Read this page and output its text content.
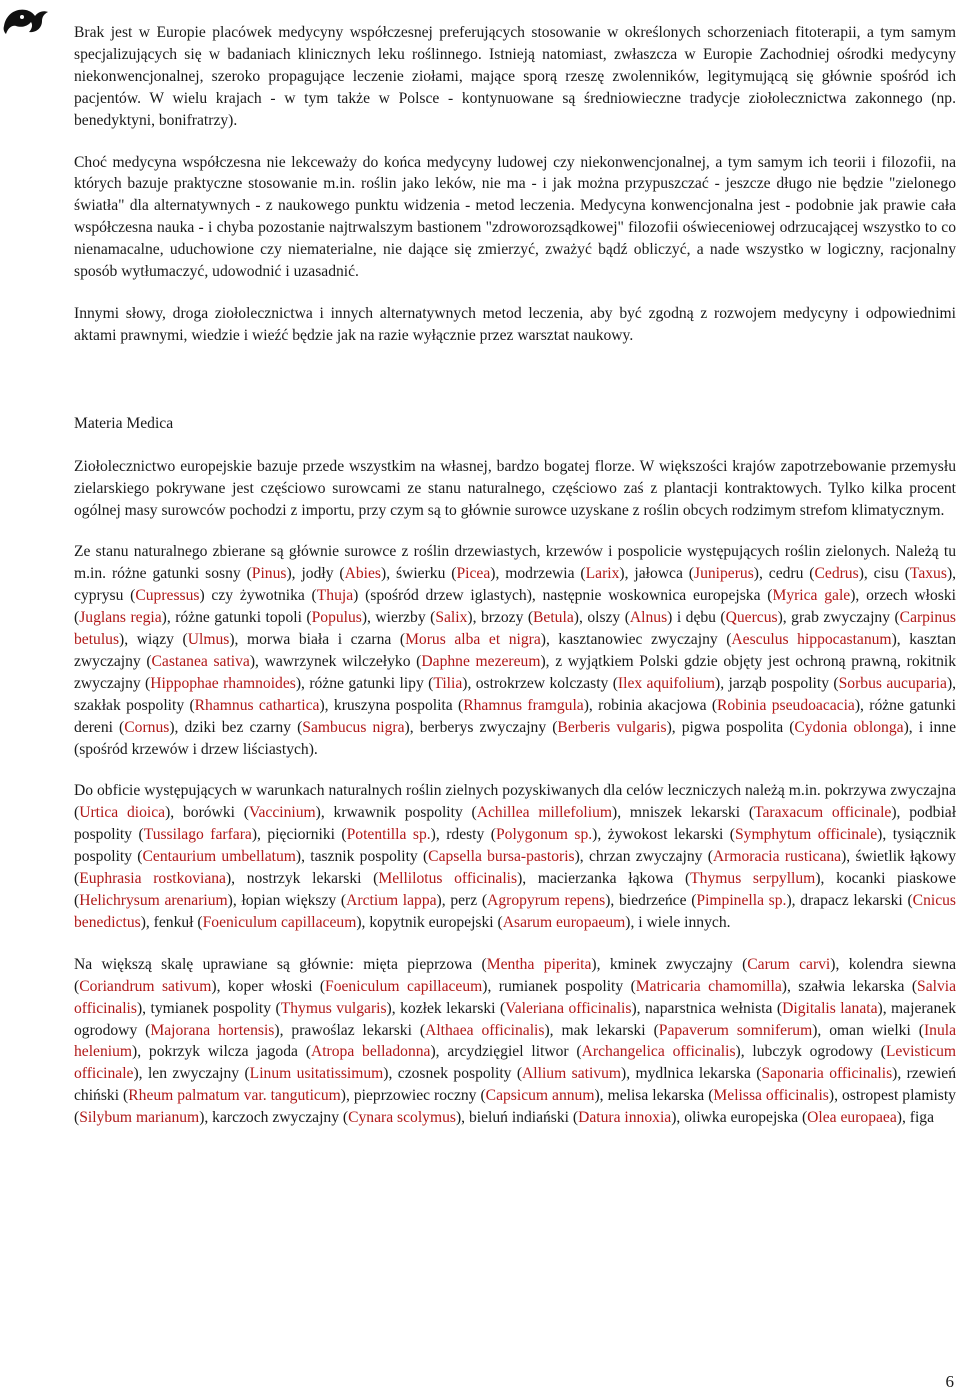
Brak jest w Europie placówek medycyny współczesnej preferujących stosowanie w określonych schorzeniach fitoterapii, a tym samym specjalizujących się w badaniach klinicznych leku roślinnego. Istnieją natomiast, zwłaszcza w Europie Zachodniej ośrodki medycyny niekonwencjonalnej, szeroko propagujące leczenie ziołami, mające sporą rzeszę zwolenników, legitymującą się głównie spośród ich pacjentów. W wielu krajach - w tym także w Polsce - kontynuowane są średniowieczne tradycje ziołolecznictwa zakonnego (np. benedyktyni, bonifratrzy).

Choć medycyna współczesna nie lekceważy do końca medycyny ludowej czy niekonwencjonalnej, a tym samym ich teorii i filozofii, na których bazuje praktyczne stosowanie m.in. roślin jako leków, nie ma - i jak można przypuszczać - jeszcze długo nie będzie "zielonego światła" dla alternatywnych - z naukowego punktu widzenia - metod leczenia. Medycyna konwencjonalna jest - podobnie jak prawie cała współczesna nauka - i chyba pozostanie najtrwalszym bastionem "zdroworozsądkowej" filozofii oświeceniowej odrzucającej wszystko to co nienamacalne, uduchowione czy niematerialne, nie dające się zmierzyć, zważyć bądź obliczyć, a nade wszystko w logiczny, racjonalny sposób wytłumaczyć, udowodnić i uzasadnić.

Innymi słowy, droga ziołolecznictwa i innych alternatywnych metod leczenia, aby być zgodną z rozwojem medycyny i odpowiednimi aktami prawnymi, wiedzie i wieźć będzie jak na razie wyłącznie przez warsztat naukowy.

Materia Medica

Ziołolecznictwo europejskie bazuje przede wszystkim na własnej, bardzo bogatej florze. W większości krajów zapotrzebowanie przemysłu zielarskiego pokrywane jest częściowo surowcami ze stanu naturalnego, częściowo zaś z plantacji kontraktowych. Tylko kilka procent ogólnej masy surowców pochodzi z importu, przy czym są to głównie surowce uzyskane z roślin obcych rodzimym strefom klimatycznym.

Ze stanu naturalnego zbierane są głównie surowce z roślin drzewiastych, krzewów i pospolicie występujących roślin zielonych. Należą tu m.in. różne gatunki sosny (Pinus), jodły (Abies), świerku (Picea), modrzewia (Larix), jałowca (Juniperus), cedru (Cedrus), cisu (Taxus), cyprysu (Cupressus) czy żywotnika (Thuja) (spośród drzew iglastych), następnie woskownica europejska (Myrica gale), orzech włoski (Juglans regia), różne gatunki topoli (Populus), wierzby (Salix), brzozy (Betula), olszy (Alnus) i dębu (Quercus), grab zwyczajny (Carpinus betulus), wiązy (Ulmus), morwa biała i czarna (Morus alba et nigra), kasztanowiec zwyczajny (Aesculus hippocastanum), kasztan zwyczajny (Castanea sativa), wawrzynek wilczełyko (Daphne mezereum), z wyjątkiem Polski gdzie objęty jest ochroną prawną, rokitnik zwyczajny (Hippophae rhamnoides), różne gatunki lipy (Tilia), ostrokrzew kolczasty (Ilex aquifolium), jarząb pospolity (Sorbus aucuparia), szakłak pospolity (Rhamnus cathartica), kruszyna pospolita (Rhamnus framgula), robinia akacjowa (Robinia pseudoacacia), różne gatunki dereni (Cornus), dziki bez czarny (Sambucus nigra), berberys zwyczajny (Berberis vulgaris), pigwa pospolita (Cydonia oblonga), i inne (spośród krzewów i drzew liściastych).

Do obficie występujących w warunkach naturalnych roślin zielnych pozyskiwanych dla celów leczniczych należą m.in. pokrzywa zwyczajna (Urtica dioica), borówki (Vaccinium), krwawnik pospolity (Achillea millefolium), mniszek lekarski (Taraxacum officinale), podbiał pospolity (Tussilago farfara), pięciorniki (Potentilla sp.), rdesty (Polygonum sp.), żywokost lekarski (Symphytum officinale), tysiącznik pospolity (Centaurium umbellatum), tasznik pospolity (Capsella bursa-pastoris), chrzan zwyczajny (Armoracia rusticana), świetlik łąkowy (Euphrasia rostkoviana), nostrzyk lekarski (Mellilotus officinalis), macierzanka łąkowa (Thymus serpyllum), kocanki piaskowe (Helichrysum arenarium), łopian większy (Arctium lappa), perz (Agropyrum repens), biedrzeńce (Pimpinella sp.), drapacz lekarski (Cnicus benedictus), fenkuł (Foeniculum capillaceum), kopytnik europejski (Asarum europaeum), i wiele innych.

Na większą skalę uprawiane są głównie: mięta pieprzowa (Mentha piperita), kminek zwyczajny (Carum carvi), kolendra siewna (Coriandrum sativum), koper włoski (Foeniculum capillaceum), rumianek pospolity (Matricaria chamomilla), szałwia lekarska (Salvia officinalis), tymianek pospolity (Thymus vulgaris), kozłek lekarski (Valeriana officinalis), naparstnica wełnista (Digitalis lanata), majeranek ogrodowy (Majorana hortensis), prawoślaz lekarski (Althaea officinalis), mak lekarski (Papaverum somniferum), oman wielki (Inula helenium), pokrzyk wilcza jagoda (Atropa belladonna), arcydzięgiel litwor (Archangelica officinalis), lubczyk ogrodowy (Levisticum officinale), len zwyczajny (Linum usitatissimum), czosnek pospolity (Allium sativum), mydlnica lekarska (Saponaria officinalis), rzewień chiński (Rheum palmatum var. tanguticum), pieprzowiec roczny (Capsicum annum), melisa lekarska (Melissa officinalis), ostropest plamisty (Silybum marianum), karczoch zwyczajny (Cynara scolymus), bieluń indiański (Datura innoxia), oliwka europejska (Olea europaea), figa

6
